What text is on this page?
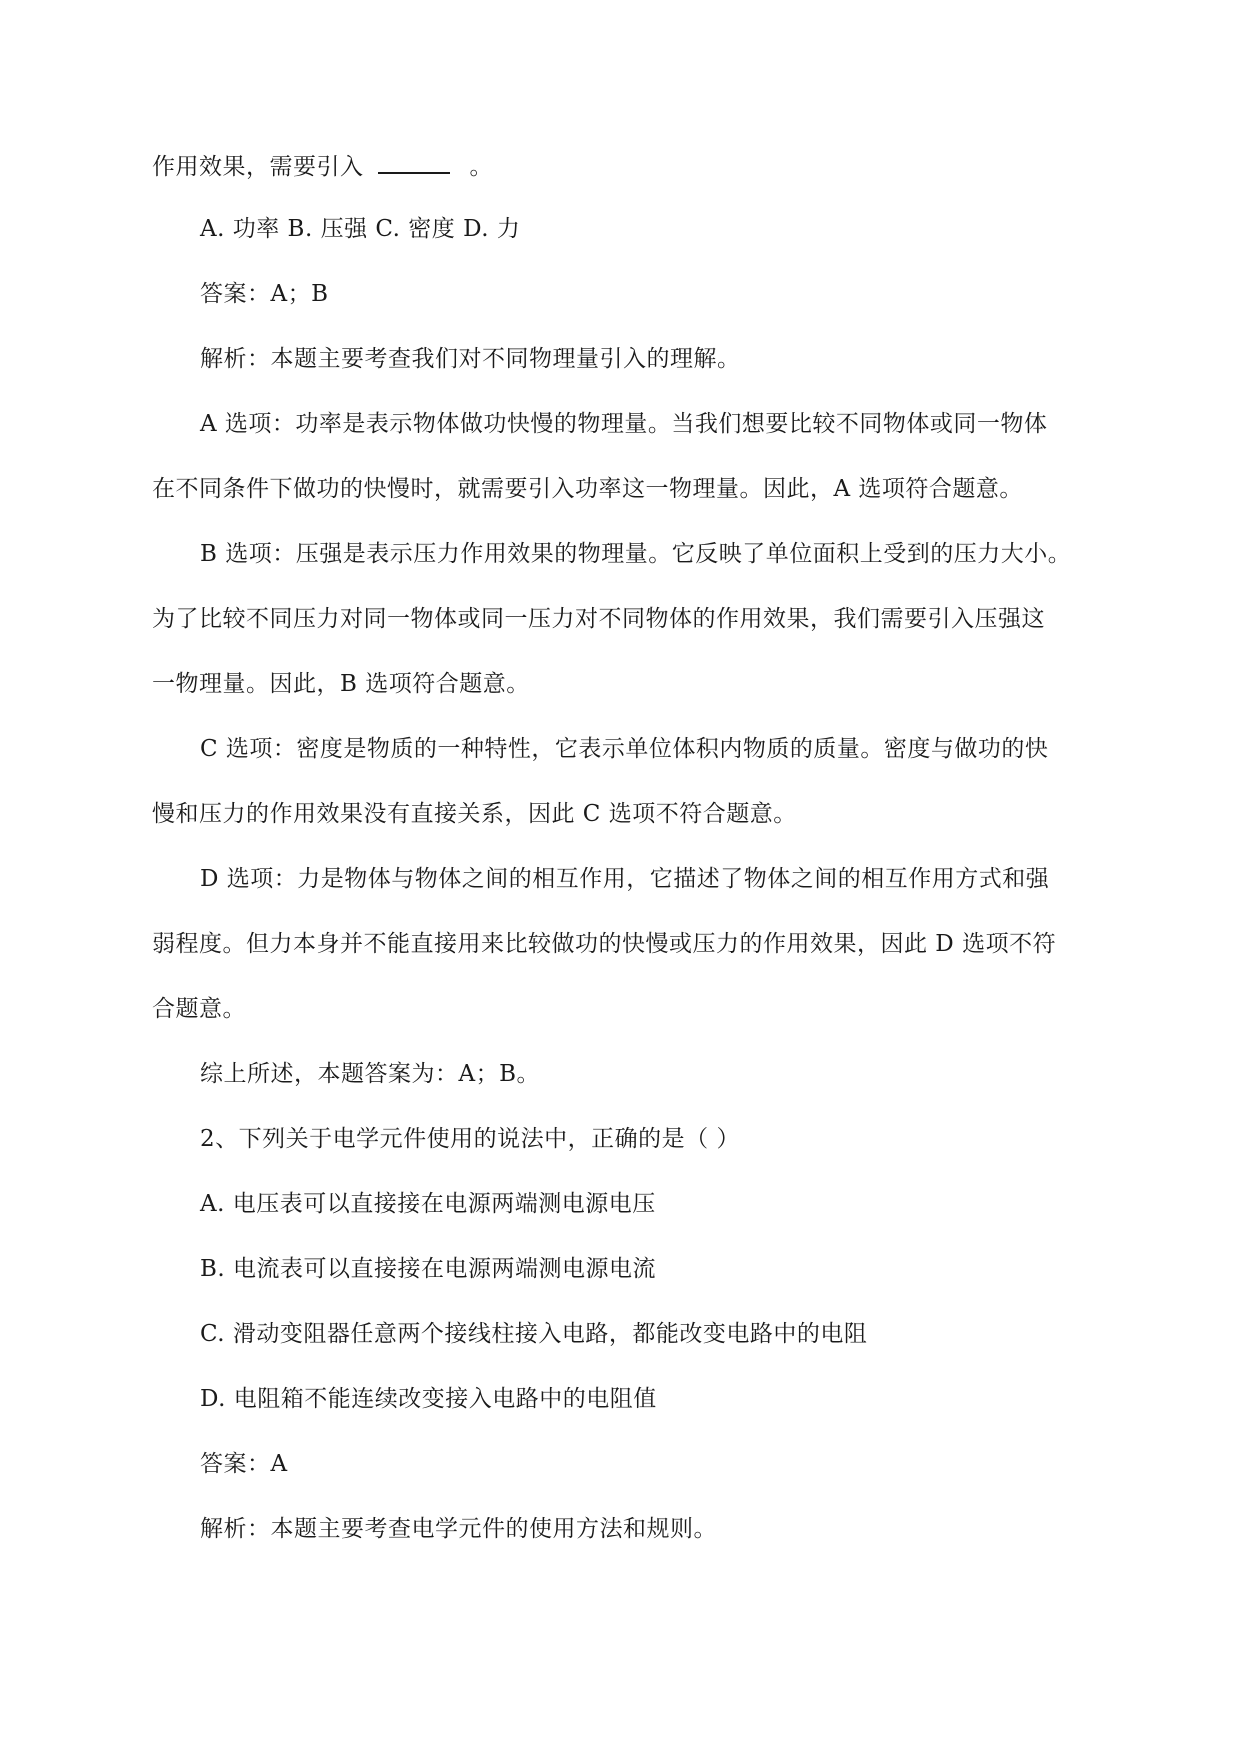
作用效果，需要引入	。
A. 功率 B. 压强 C. 密度 D. 力
答案：A；B
解析：本题主要考查我们对不同物理量引入的理解。
A 选项：功率是表示物体做功快慢的物理量。当我们想要比较不同物体或同一物体
在不同条件下做功的快慢时，就需要引入功率这一物理量。因此，A 选项符合题意。
B 选项：压强是表示压力作用效果的物理量。它反映了单位面积上受到的压力大小。
为了比较不同压力对同一物体或同一压力对不同物体的作用效果，我们需要引入压强这
一物理量。因此，B 选项符合题意。
C 选项：密度是物质的一种特性，它表示单位体积内物质的质量。密度与做功的快
慢和压力的作用效果没有直接关系，因此 C 选项不符合题意。
D 选项：力是物体与物体之间的相互作用，它描述了物体之间的相互作用方式和强
弱程度。但力本身并不能直接用来比较做功的快慢或压力的作用效果，因此 D 选项不符
合题意。
综上所述，本题答案为：A；B。
2、下列关于电学元件使用的说法中，正确的是（ ）
A. 电压表可以直接接在电源两端测电源电压
B. 电流表可以直接接在电源两端测电源电流
C. 滑动变阻器任意两个接线柱接入电路，都能改变电路中的电阻
D. 电阻箱不能连续改变接入电路中的电阻值
答案：A
解析：本题主要考查电学元件的使用方法和规则。
